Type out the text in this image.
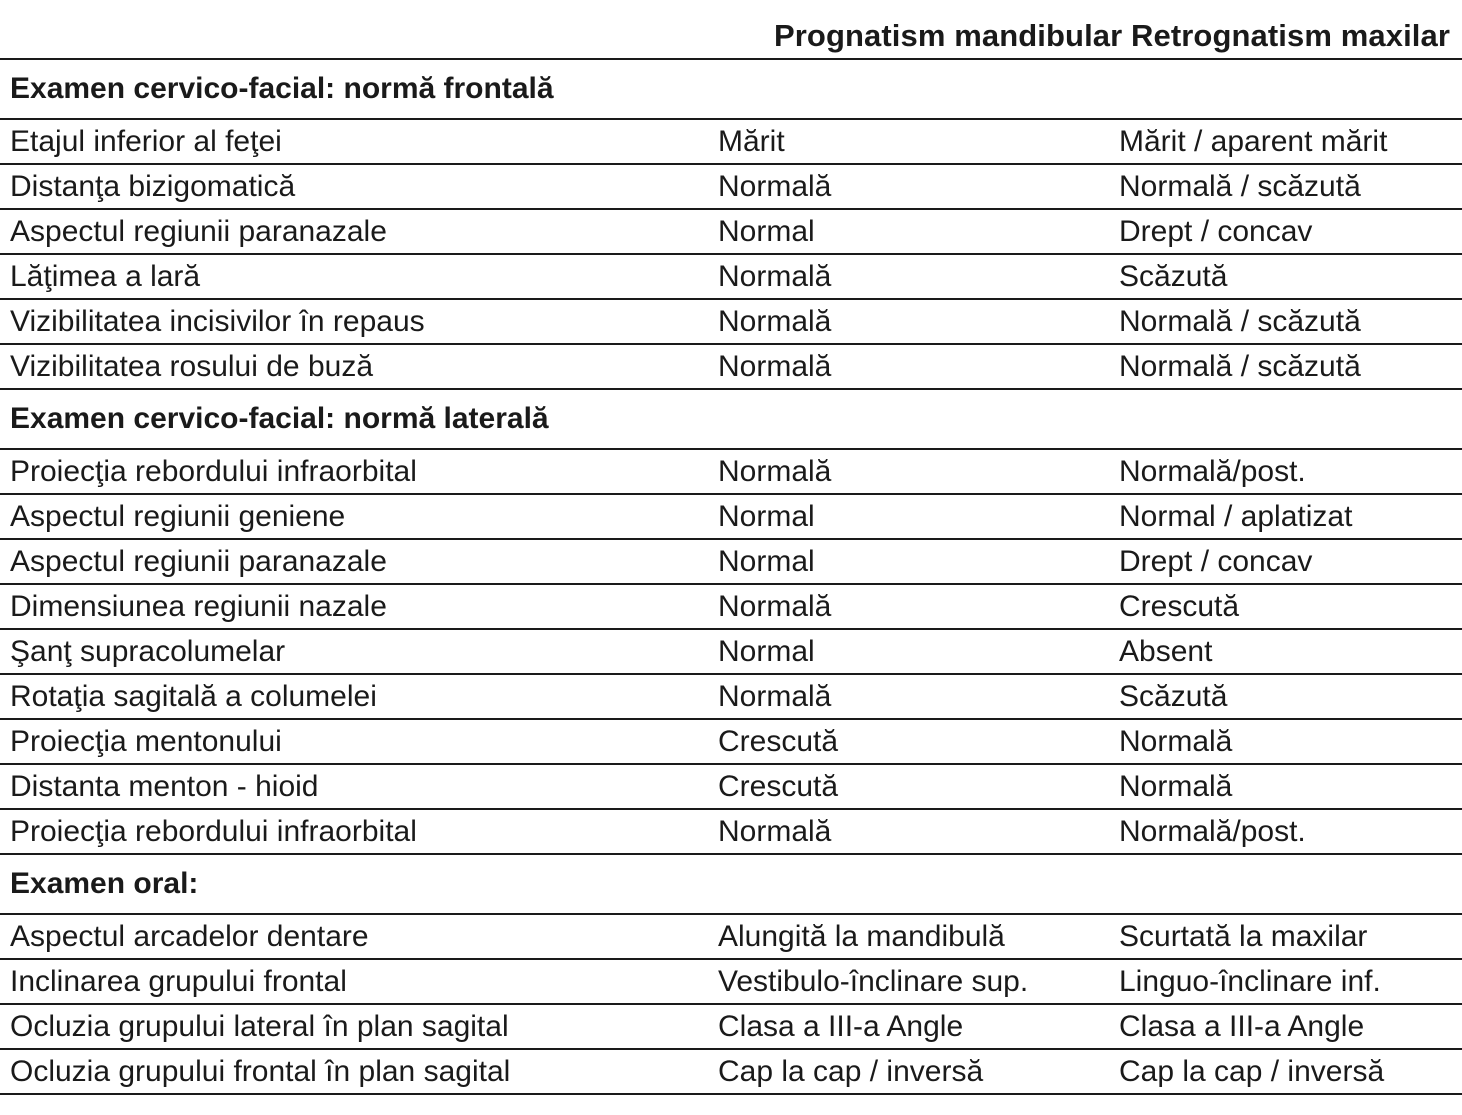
Prognatism mandibular Retrognatism maxilar
Examen cervico-facial: normă frontală
Etajul inferior al feţei	Mărit	Mărit / aparent mărit
Distanţa bizigomatică	Normală	Normală / scăzută
Aspectul regiunii paranazale	Normal	Drept / concav
Lăţimea a lară	Normală	Scăzută
Vizibilitatea incisivilor în repaus	Normală	Normală / scăzută
Vizibilitatea rosului de buză	Normală	Normală / scăzută
Examen cervico-facial: normă laterală
Proiecţia rebordului infraorbital	Normală	Normală/post.
Aspectul regiunii geniene	Normal	Normal / aplatizat
Aspectul regiunii paranazale	Normal	Drept / concav
Dimensiunea regiunii nazale	Normală	Crescută
Şanţ supracolumelar	Normal	Absent
Rotaţia sagitală a columelei	Normală	Scăzută
Proiecţia mentonului	Crescută	Normală
Distanta menton - hioid	Crescută	Normală
Proiecţia rebordului infraorbital	Normală	Normală/post.
Examen oral:
Aspectul arcadelor dentare	Alungită la mandibulă	Scurtată la maxilar
Inclinarea grupului frontal	Vestibulo-înclinare sup.	Linguo-înclinare inf.
Ocluzia grupului lateral în plan sagital	Clasa a III-a Angle	Clasa a III-a Angle
Ocluzia grupului frontal în plan sagital	Cap la cap / inversă	Cap la cap / inversă
